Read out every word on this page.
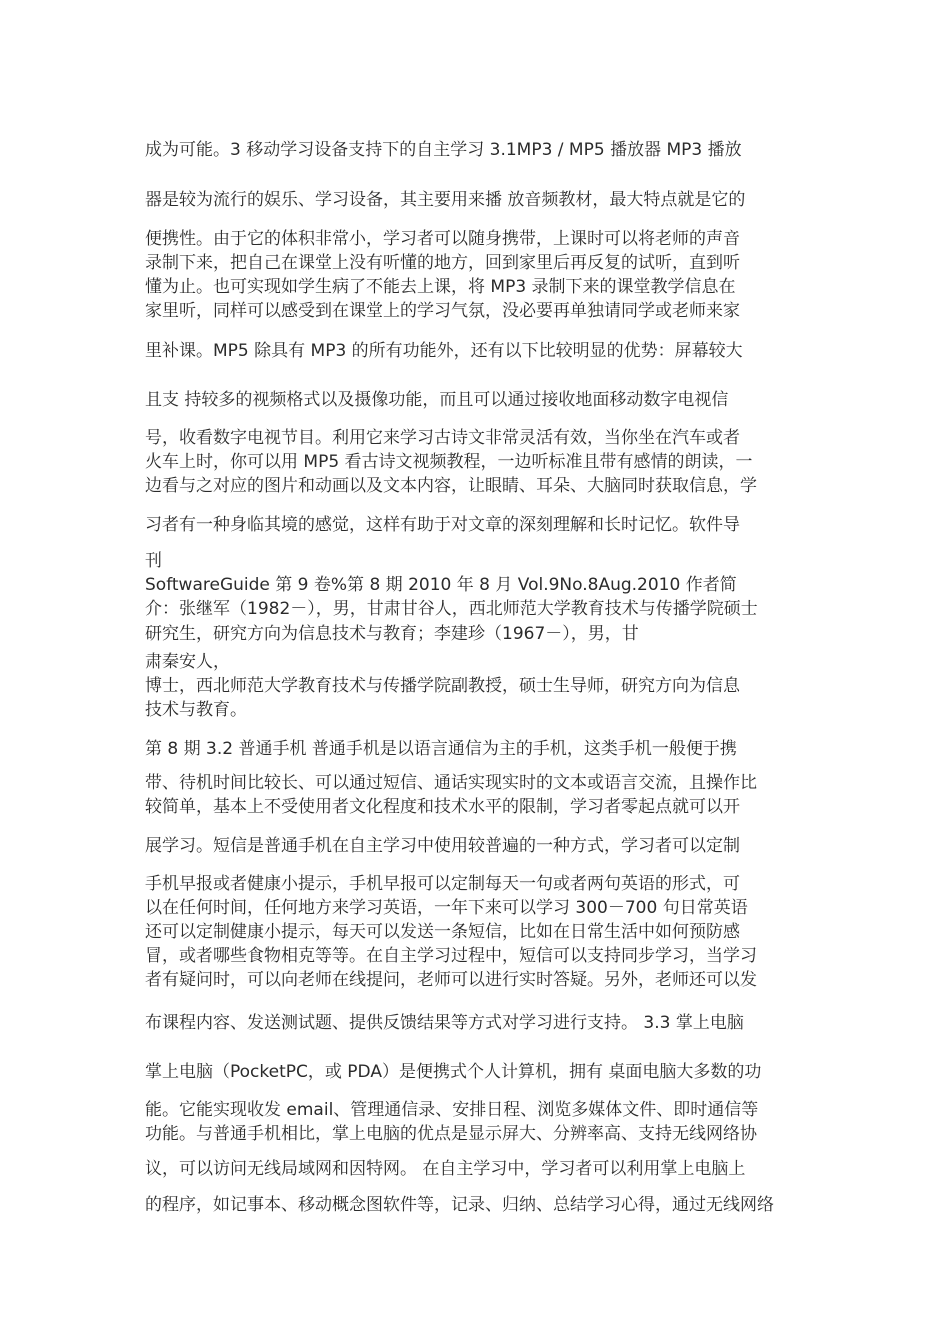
成为可能。3 移动学习设备支持下的自主学习 3.1MP3 / MP5 播放器 MP3 播放
器是较为流行的娱乐、学习设备，其主要用来播 放音频教材，最大特点就是它的
便携性。由于它的体积非常小，学习者可以随身携带，上课时可以将老师的声音
录制下来，把自己在课堂上没有听懂的地方，回到家里后再反复的试听，直到听
懂为止。也可实现如学生病了不能去上课，将 MP3 录制下来的课堂教学信息在
家里听，同样可以感受到在课堂上的学习气氛，没必要再单独请同学或老师来家
里补课。MP5 除具有 MP3 的所有功能外，还有以下比较明显的优势：屏幕较大
且支 持较多的视频格式以及摄像功能，而且可以通过接收地面移动数字电视信
号，收看数字电视节目。利用它来学习古诗文非常灵活有效，当你坐在汽车或者
火车上时，你可以用 MP5 看古诗文视频教程，一边听标准且带有感情的朗读，一
边看与之对应的图片和动画以及文本内容，让眼睛、耳朵、大脑同时获取信息，学
习者有一种身临其境的感觉，这样有助于对文章的深刻理解和长时记忆。软件导
刊
SoftwareGuide 第 9 卷%第 8 期 2010 年 8 月 Vol.9No.8Aug.2010 作者简
介：张继军（1982－），男，甘肃甘谷人，西北师范大学教育技术与传播学院硕士
研究生，研究方向为信息技术与教育；李建珍（1967－），男，甘
肃秦安人，
博士，西北师范大学教育技术与传播学院副教授，硕士生导师，研究方向为信息
技术与教育。
第 8 期 3.2 普通手机 普通手机是以语言通信为主的手机，这类手机一般便于携
带、待机时间比较长、可以通过短信、通话实现实时的文本或语言交流，且操作比
较简单，基本上不受使用者文化程度和技术水平的限制，学习者零起点就可以开
展学习。短信是普通手机在自主学习中使用较普遍的一种方式，学习者可以定制
手机早报或者健康小提示，手机早报可以定制每天一句或者两句英语的形式，可
以在任何时间，任何地方来学习英语，一年下来可以学习 300－700 句日常英语
还可以定制健康小提示，每天可以发送一条短信，比如在日常生活中如何预防感
冒，或者哪些食物相克等等。在自主学习过程中，短信可以支持同步学习，当学习
者有疑问时，可以向老师在线提问，老师可以进行实时答疑。另外，老师还可以发
布课程内容、发送测试题、提供反馈结果等方式对学习进行支持。 3.3 掌上电脑
掌上电脑（PocketPC，或 PDA）是便携式个人计算机，拥有 桌面电脑大多数的功
能。它能实现收发 email、管理通信录、安排日程、浏览多媒体文件、即时通信等
功能。与普通手机相比，掌上电脑的优点是显示屏大、分辨率高、支持无线网络协
议，可以访问无线局域网和因特网。 在自主学习中，学习者可以利用掌上电脑上
的程序，如记事本、移动概念图软件等，记录、归纳、总结学习心得，通过无线网络
